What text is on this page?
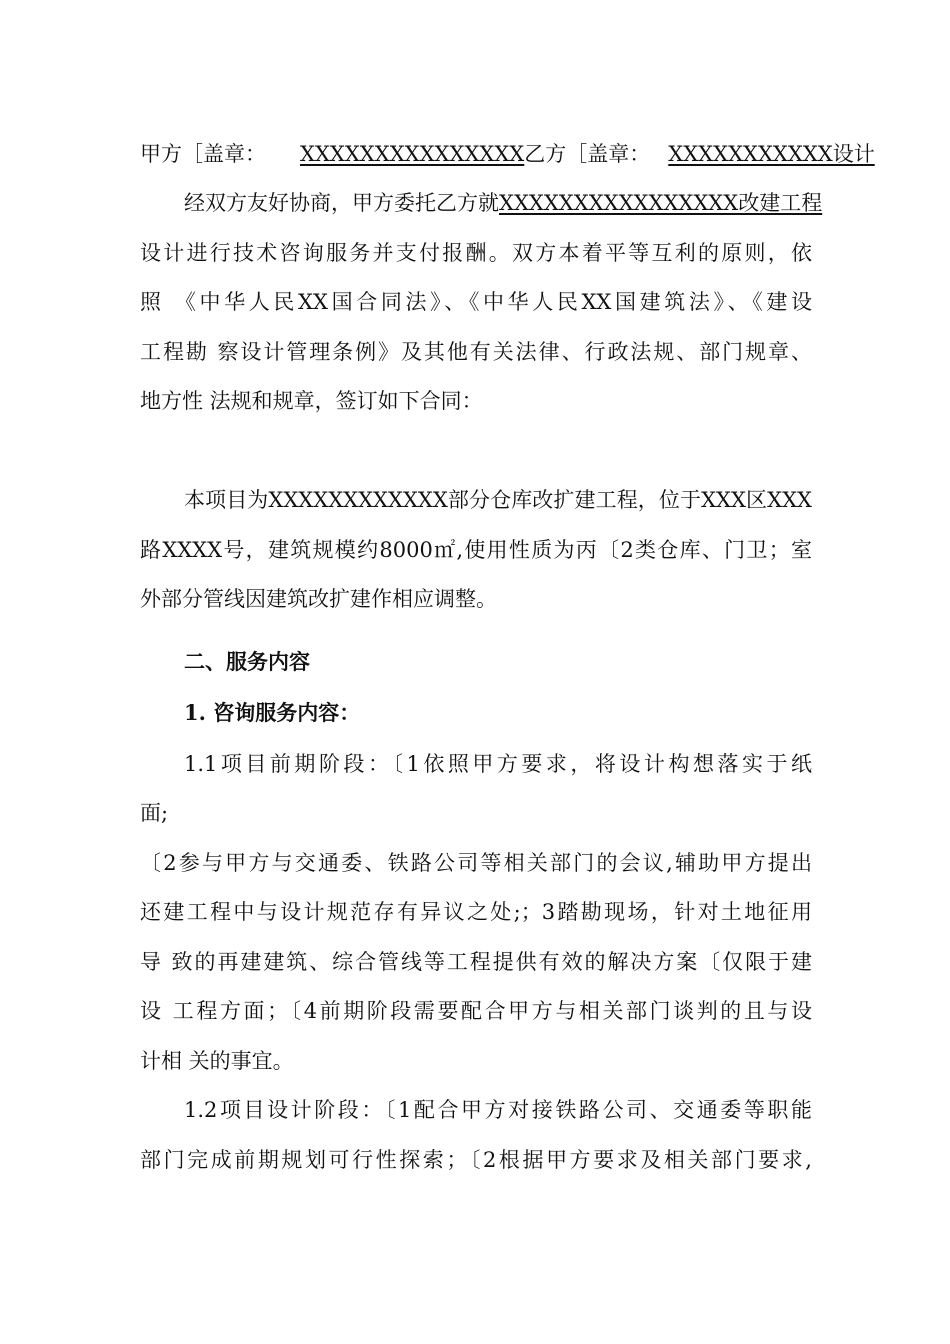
甲方［盖章： XXXXXXXXXXXXXXX乙方［盖章： XXXXXXXXXXX设计
经双方友好协商，甲方委托乙方就XXXXXXXXXXXXXXXX改建工程
设计进行技术咨询服务并支付报酬。双方本着平等互利的原则，依
照 《中华人民XX国合同法》、《中华人民XX国建筑法》、《建设
工程勘 察设计管理条例》及其他有关法律、行政法规、部门规章、
地方性 法规和规章，签订如下合同：
本项目为XXXXXXXXXXXX部分仓库改扩建工程，位于XXX区XXX
路XXXX号，建筑规模约8000㎡,使用性质为丙〔2类仓库、门卫；室
外部分管线因建筑改扩建作相应调整。
二、服务内容
1. 咨询服务内容：
1.1项目前期阶段：〔1依照甲方要求，将设计构想落实于纸
面;
〔2参与甲方与交通委、铁路公司等相关部门的会议,辅助甲方提出
还建工程中与设计规范存有异议之处;；3踏勘现场，针对土地征用
导 致的再建建筑、综合管线等工程提供有效的解决方案〔仅限于建
设 工程方面；〔4前期阶段需要配合甲方与相关部门谈判的且与设
计相 关的事宜。
1.2项目设计阶段：〔1配合甲方对接铁路公司、交通委等职能
部门完成前期规划可行性探索；〔2根据甲方要求及相关部门要求,
